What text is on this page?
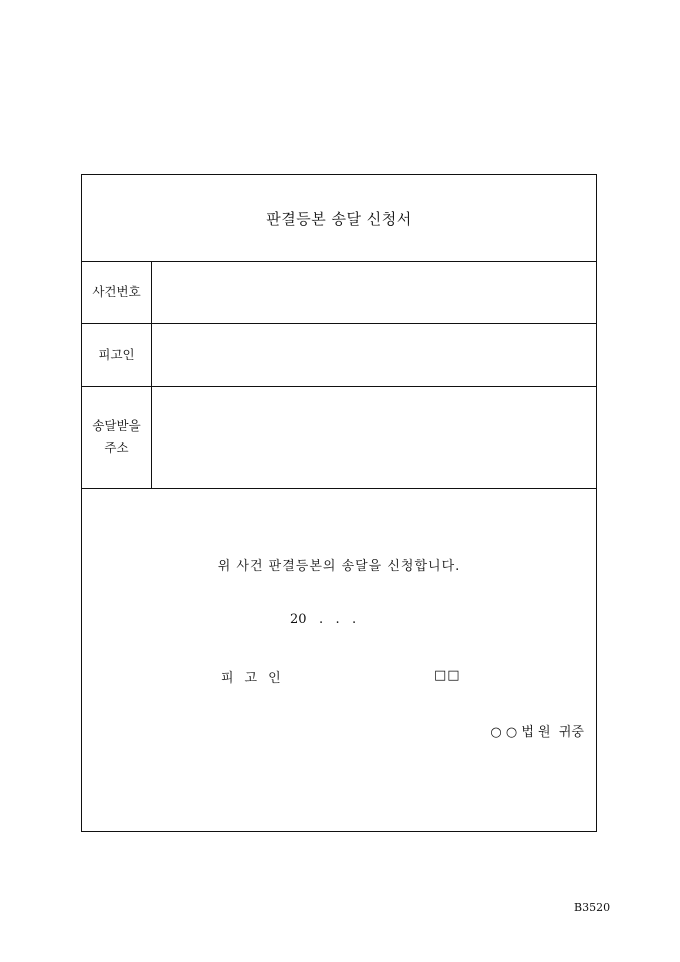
판결등본 송달 신청서
사건번호
피고인
송달받을
주소
위 사건 판결등본의 송달을 신청합니다.
20   .   .   .
피고인	□□
○ ○ 법 원  귀중
B3520
